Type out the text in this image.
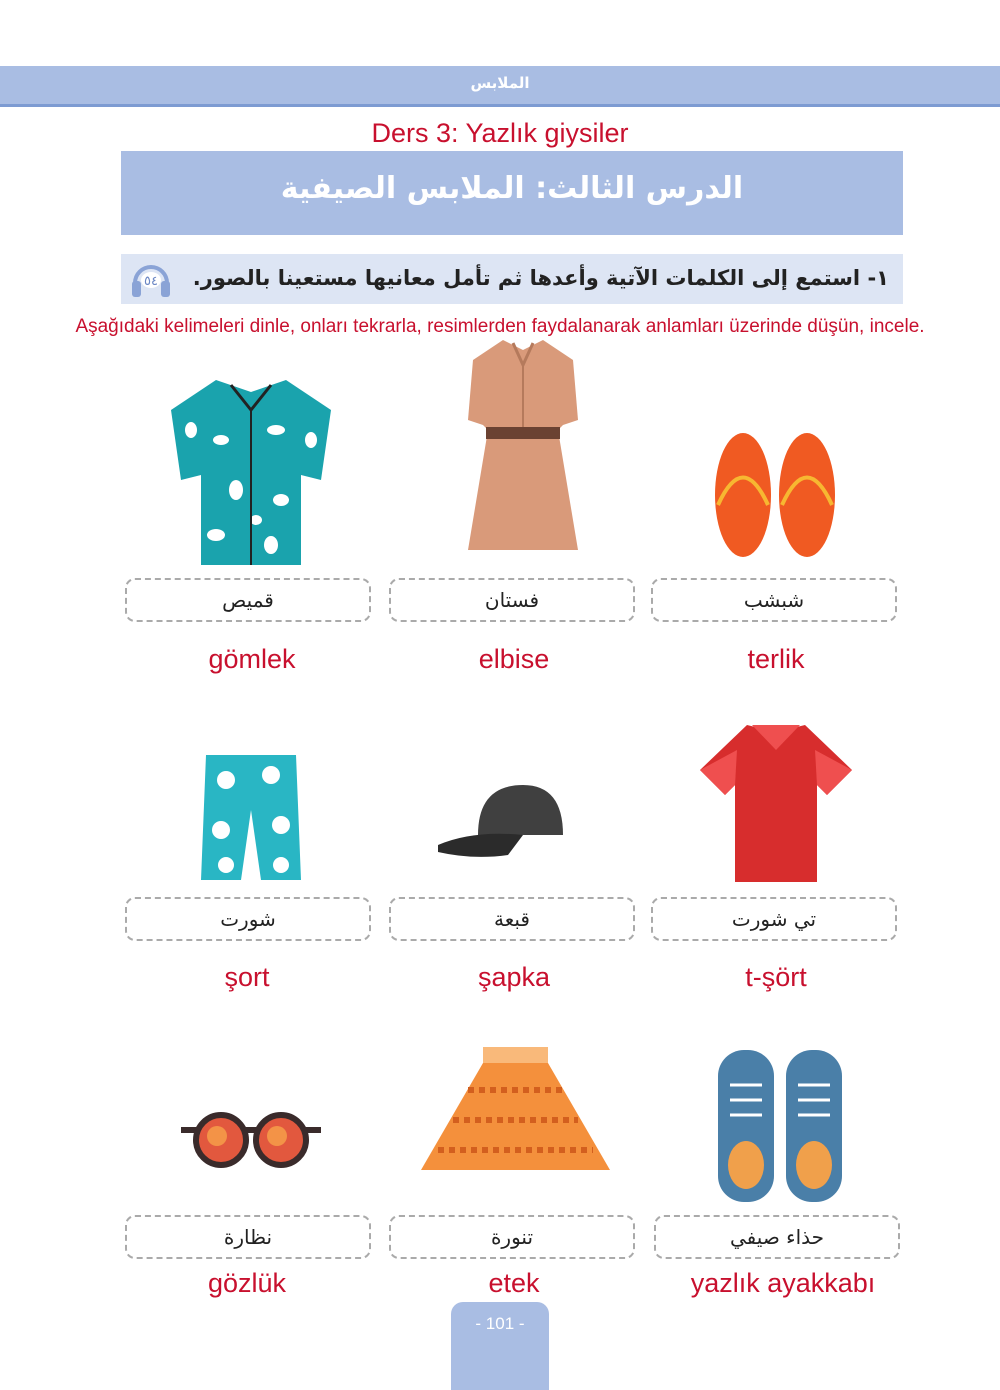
الملابس
Ders 3: Yazlık giysiler
الدرس الثالث: الملابس الصيفية
٥٤ ١- استمع إلى الكلمات الآتية وأعدها ثم تأمل معانيها مستعينا بالصور.
Aşağıdaki kelimeleri dinle, onları tekrarla, resimlerden faydalanarak anlamları üzerinde düşün, incele.
قميص
gömlek
فستان
elbise
شبشب
terlik
شورت
şort
قبعة
şapka
تي شورت
t-şört
نظارة
gözlük
تنورة
etek
حذاء صيفي
yazlık ayakkabı
- 101 -
